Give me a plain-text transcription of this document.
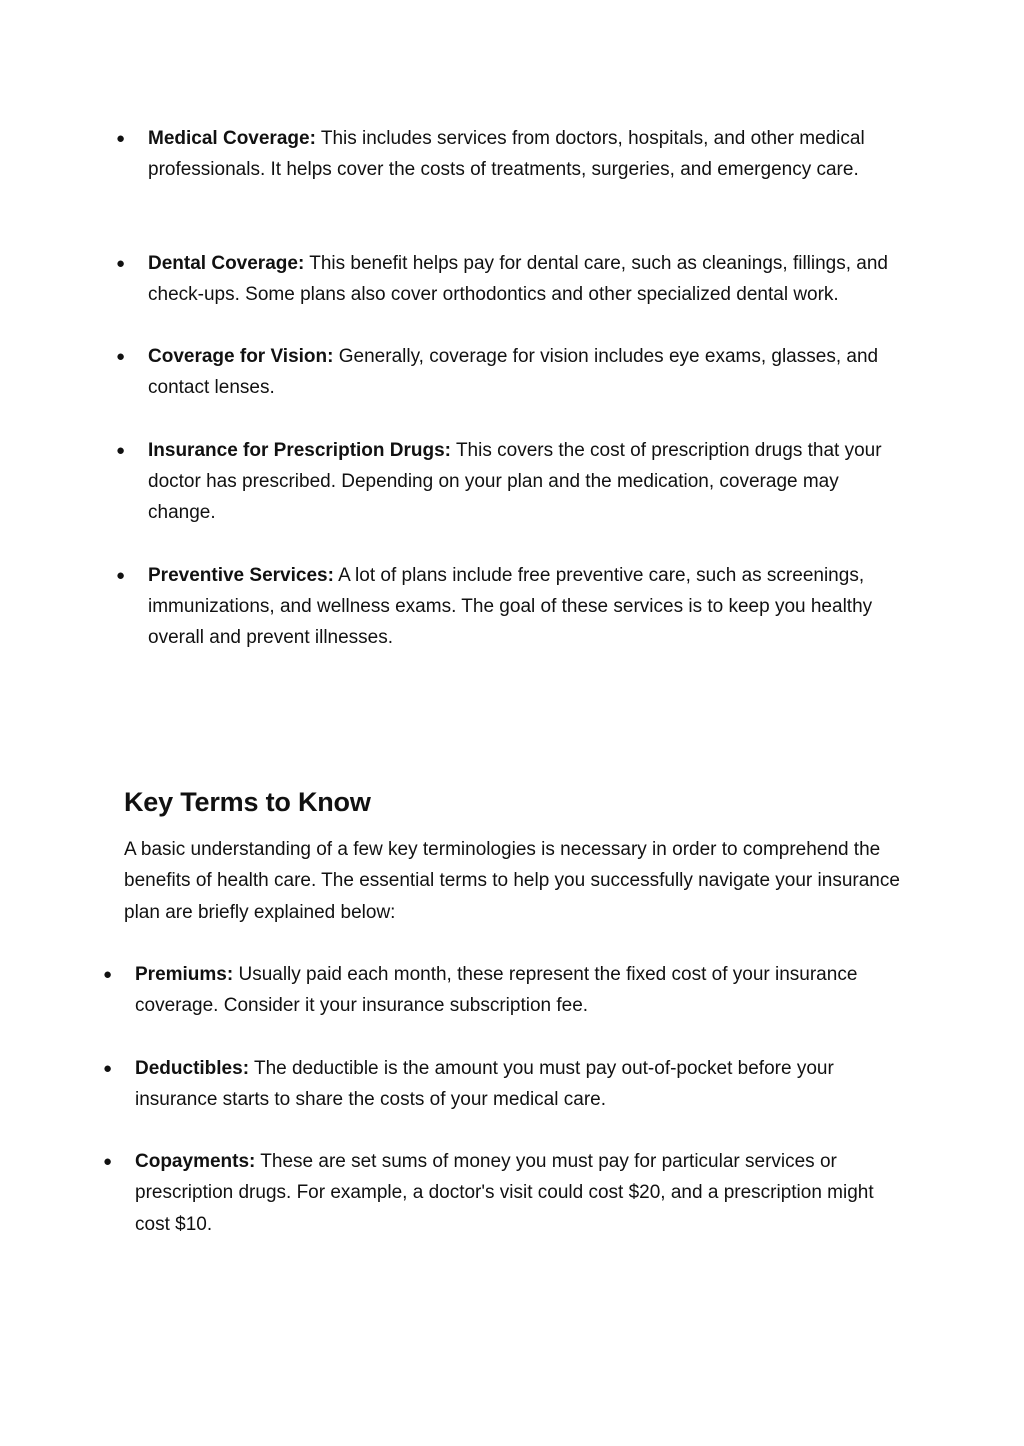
● Medical Coverage: This includes services from doctors, hospitals, and other medical professionals. It helps cover the costs of treatments, surgeries, and emergency care.
● Dental Coverage: This benefit helps pay for dental care, such as cleanings, fillings, and check-ups. Some plans also cover orthodontics and other specialized dental work.
● Coverage for Vision: Generally, coverage for vision includes eye exams, glasses, and contact lenses.
● Insurance for Prescription Drugs: This covers the cost of prescription drugs that your doctor has prescribed. Depending on your plan and the medication, coverage may change.
● Preventive Services: A lot of plans include free preventive care, such as screenings, immunizations, and wellness exams. The goal of these services is to keep you healthy overall and prevent illnesses.
Key Terms to Know

A basic understanding of a few key terminologies is necessary in order to comprehend the benefits of health care. The essential terms to help you successfully navigate your insurance plan are briefly explained below:

● Premiums: Usually paid each month, these represent the fixed cost of your insurance coverage. Consider it your insurance subscription fee.
● Deductibles: The deductible is the amount you must pay out-of-pocket before your insurance starts to share the costs of your medical care.
● Copayments: These are set sums of money you must pay for particular services or prescription drugs. For example, a doctor's visit could cost $20, and a prescription might cost $10.
